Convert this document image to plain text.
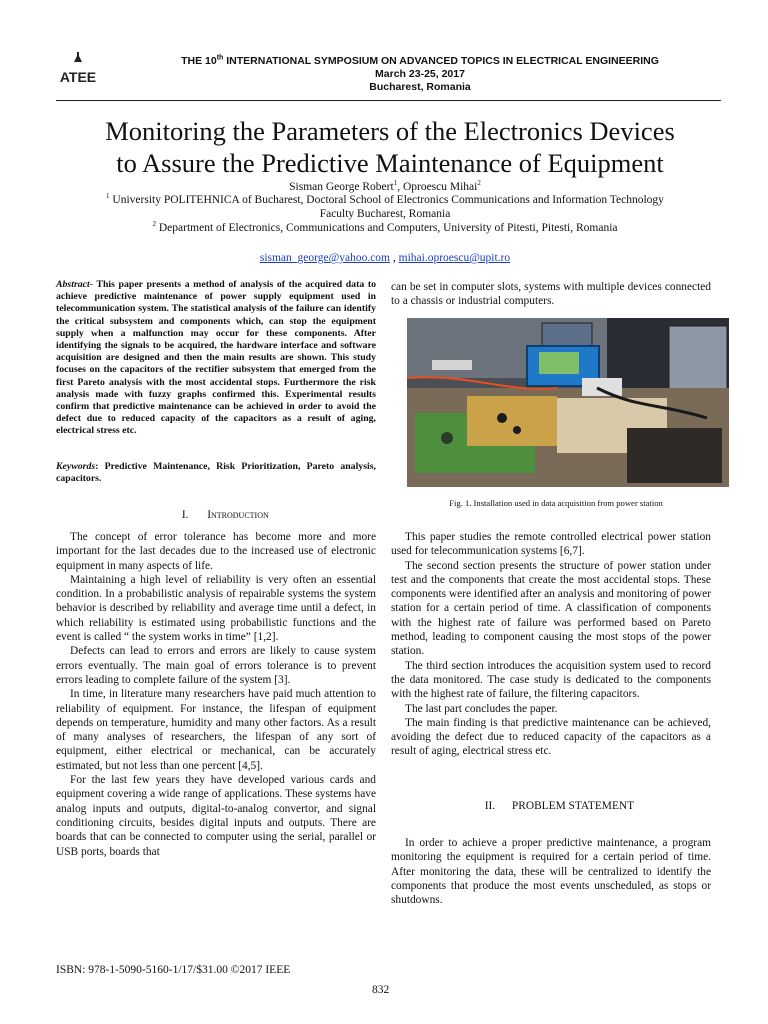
ATEE
THE 10th INTERNATIONAL SYMPOSIUM ON ADVANCED TOPICS IN ELECTRICAL ENGINEERING
March 23-25, 2017
Bucharest, Romania
Monitoring the Parameters of the Electronics Devices
to Assure the Predictive Maintenance of Equipment
Sisman George Robert$^1$, Oproescu Mihai$^2$
$^1$ University POLITEHNICA of Bucharest, Doctoral School of Electronics Communications and Information Technology
Faculty Bucharest, Romania
$^2$ Department of Electronics, Communications and Computers, University of Pitesti, Pitesti, Romania
sisman_george@yahoo.com , mihai.oproescu@upit.ro
Abstract- This paper presents a method of analysis of the acquired data to achieve predictive maintenance of power supply equipment used in telecommunication system. The statistical analysis of the failure can identify the critical subsystem and components which, can stop the equipment supply when a malfunction may occur for these components. After identifying the signals to be acquired, the hardware interface and software acquisition are designed and then the main results are shown. This study focuses on the capacitors of the rectifier subsystem that emerged from the first Pareto analysis with the most accidental stops. Furthermore the risk analysis made with fuzzy graphs confirmed this. Experimental results confirm that predictive maintenance can be achieved in order to avoid the defect due to reduced capacity of the capacitors as a result of aging, electrical stress etc.
Keywords: Predictive Maintenance, Risk Prioritization, Pareto analysis, capacitors.
I. Introduction

The concept of error tolerance has become more and more important for the last decades due to the increased use of electronic equipment in many aspects of life.

Maintaining a high level of reliability is very often an essential condition. In a probabilistic analysis of repairable systems the system behavior is described by reliability and average time until a defect, in which reliability is estimated using probabilistic functions and the event is called “ the system works in time” [1,2].

Defects can lead to errors and errors are likely to cause system errors eventually. The main goal of errors tolerance is to prevent errors leading to complete failure of the system [3].

In time, in literature many researchers have paid much attention to reliability of equipment. For instance, the lifespan of equipment depends on temperature, humidity and many other factors. As a result of many analyses of researchers, the lifespan of any sort of equipment, either electrical or mechanical, can be accurately estimated, but not less than one percent [4,5].

For the last few years they have developed various cards and equipment covering a wide range of applications. These systems have analog inputs and outputs, digital-to-analog convertor, and signal conditioning circuits, besides digital inputs and outputs. There are boards that can be connected to computer using the serial, parallel or USB ports, boards that

can be set in computer slots, systems with multiple devices connected to a chassis or industrial computers.

Fig. 1. Installation used in data acquisition from power station

This paper studies the remote controlled electrical power station used for telecommunication systems [6,7].

The second section presents the structure of power station under test and the components that create the most accidental stops. These components were identified after an analysis and monitoring of power station for a certain period of time. A classification of components with the highest rate of failure was performed based on Pareto method, leading to component causing the most stops of the power station.

The third section introduces the acquisition system used to record the data monitored. The case study is dedicated to the components with the highest rate of failure, the filtering capacitors.

The last part concludes the paper.

The main finding is that predictive maintenance can be achieved, avoiding the defect due to reduced capacity of the capacitors as a result of aging, electrical stress etc.

II. PROBLEM STATEMENT

In order to achieve a proper predictive maintenance, a program monitoring the equipment is required for a certain period of time. After monitoring the data, these will be centralized to identify the components that produce the most events unscheduled, as stops or shutdowns.

ISBN: 978-1-5090-5160-1/17/$31.00 ©2017 IEEE
832
